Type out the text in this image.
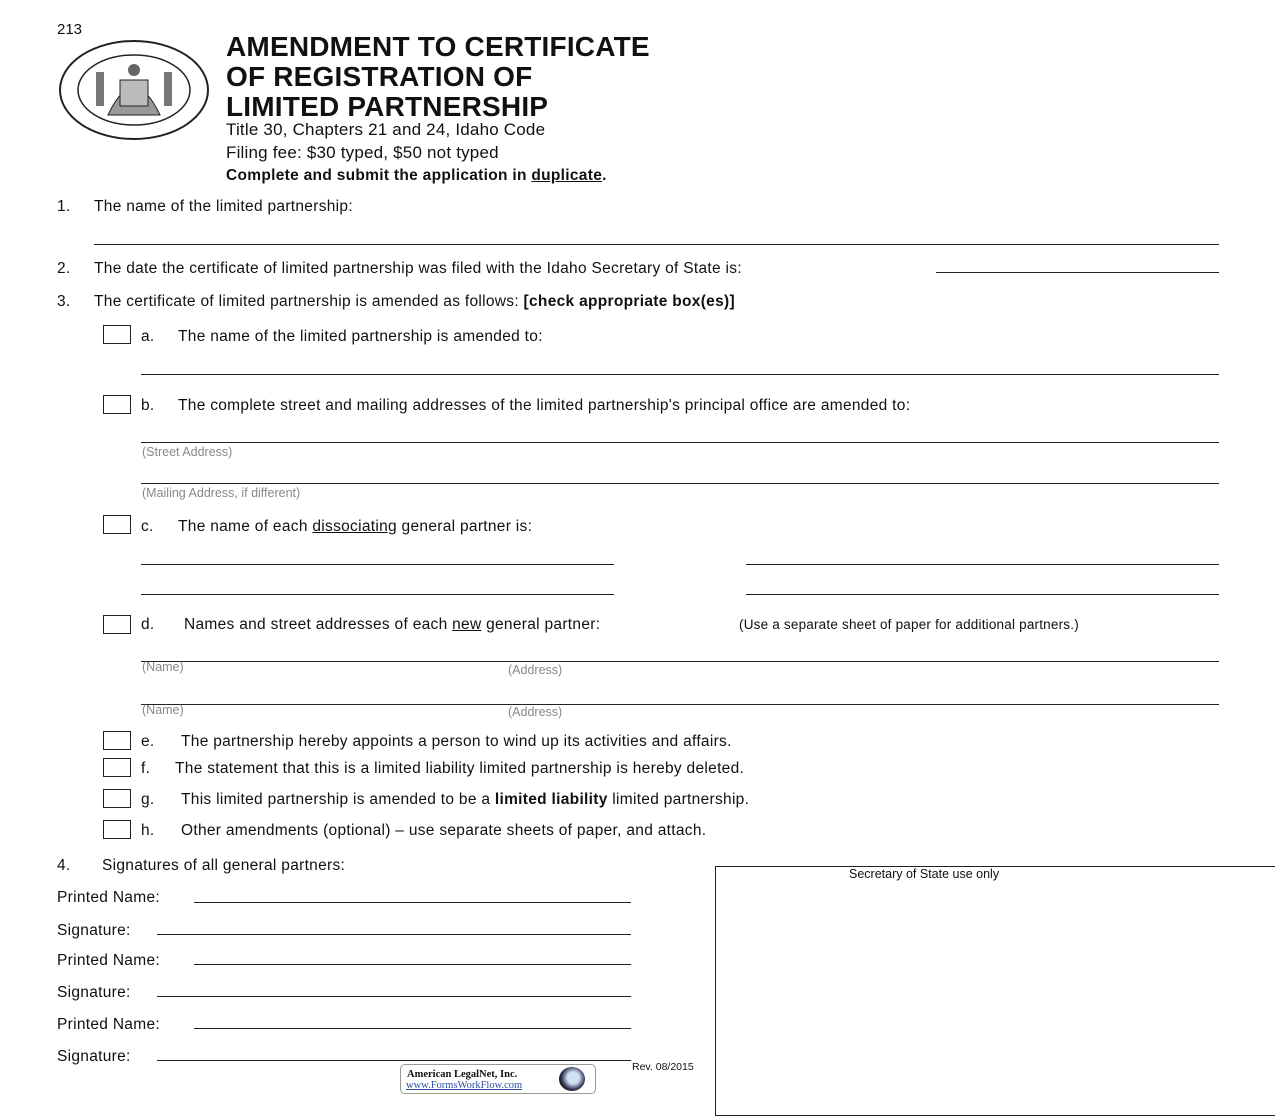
213
AMENDMENT TO CERTIFICATE
OF REGISTRATION OF
LIMITED PARTNERSHIP
Title 30, Chapters 21 and 24, Idaho Code
Filing fee: $30 typed, $50 not typed
Complete and submit the application in duplicate.
1. The name of the limited partnership:
2. The date the certificate of limited partnership was filed with the Idaho Secretary of State is:
3. The certificate of limited partnership is amended as follows: [check appropriate box(es)]
a. The name of the limited partnership is amended to:
b. The complete street and mailing addresses of the limited partnership's principal office are amended to:
(Street Address)
(Mailing Address, if different)
c. The name of each dissociating general partner is:
d. Names and street addresses of each new general partner:	(Use a separate sheet of paper for additional partners.)
(Name)	(Address)
(Name)	(Address)
e. The partnership hereby appoints a person to wind up its activities and affairs.
f. The statement that this is a limited liability limited partnership is hereby deleted.
g. This limited partnership is amended to be a limited liability limited partnership.
h. Other amendments (optional) – use separate sheets of paper, and attach.
4. Signatures of all general partners:
Printed Name:
Signature:
Printed Name:
Signature:
Printed Name:
Signature:
Secretary of State use only
Rev. 08/2015
American LegalNet, Inc.
www.FormsWorkFlow.com
